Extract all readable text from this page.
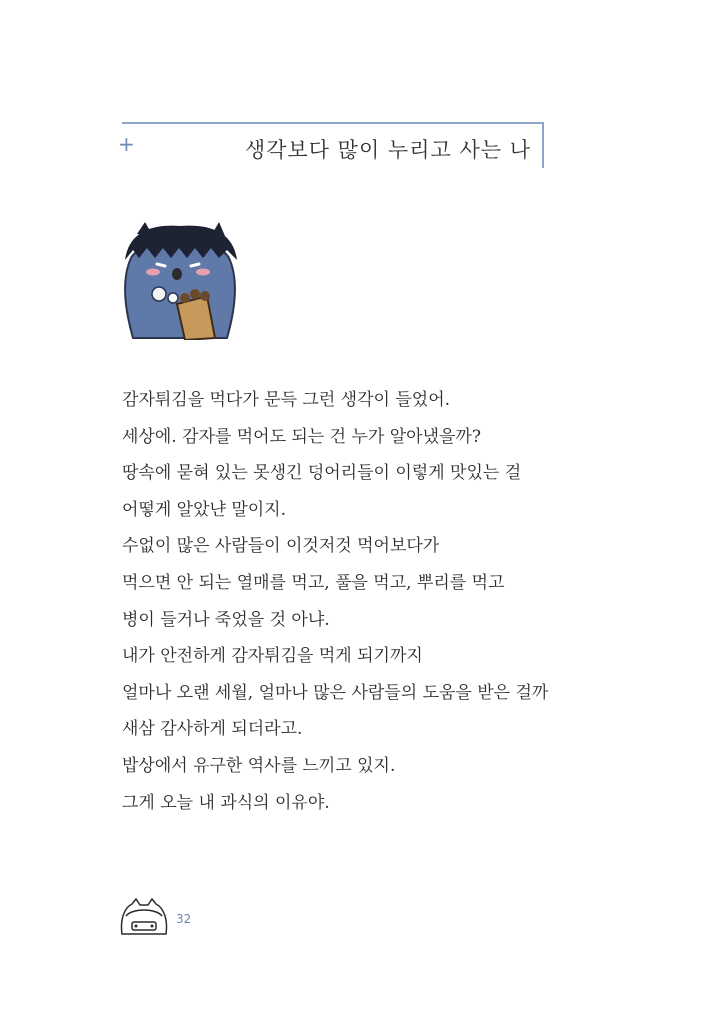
+	생각보다 많이 누리고 사는 나
감자튀김을 먹다가 문득 그런 생각이 들었어.
세상에. 감자를 먹어도 되는 건 누가 알아냈을까?
땅속에 묻혀 있는 못생긴 덩어리들이 이렇게 맛있는 걸
어떻게 알았냔 말이지.
수없이 많은 사람들이 이것저것 먹어보다가
먹으면 안 되는 열매를 먹고, 풀을 먹고, 뿌리를 먹고
병이 들거나 죽었을 것 아냐.
내가 안전하게 감자튀김을 먹게 되기까지
얼마나 오랜 세월, 얼마나 많은 사람들의 도움을 받은 걸까
새삼 감사하게 되더라고.
밥상에서 유구한 역사를 느끼고 있지.
그게 오늘 내 과식의 이유야.
32
